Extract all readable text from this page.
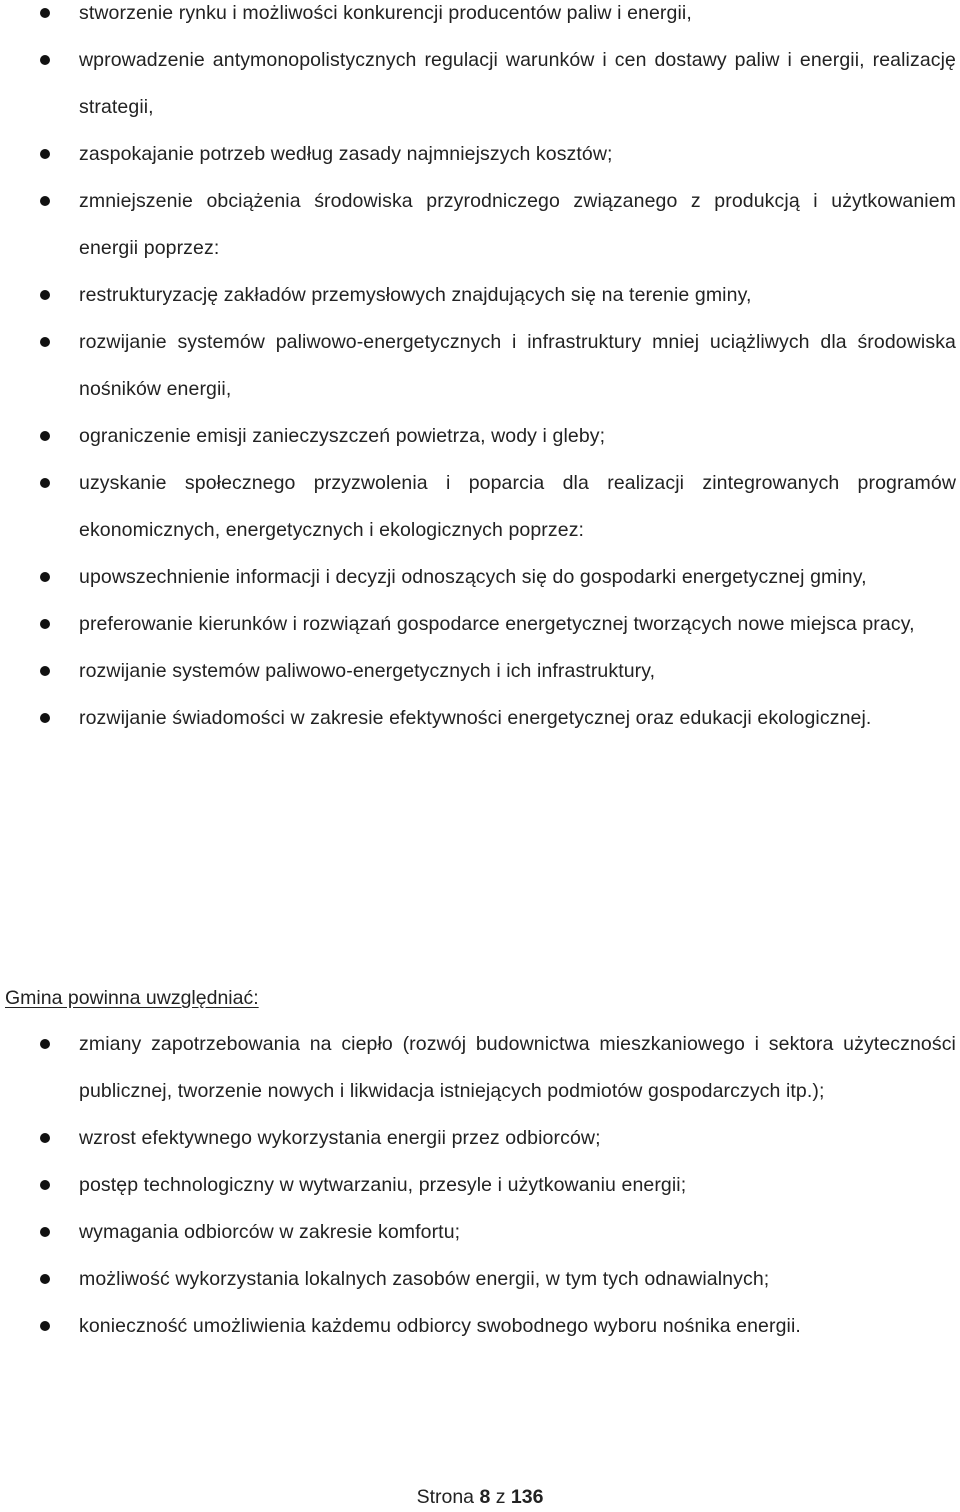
stworzenie rynku i możliwości konkurencji producentów paliw i energii,
wprowadzenie antymonopolistycznych regulacji warunków i cen dostawy paliw i energii, realizację strategii,
zaspokajanie potrzeb według zasady najmniejszych kosztów;
zmniejszenie obciążenia środowiska przyrodniczego związanego z produkcją i użytkowaniem energii poprzez:
restrukturyzację zakładów przemysłowych znajdujących się na terenie gminy,
rozwijanie systemów paliwowo-energetycznych i infrastruktury mniej uciążliwych dla środowiska nośników energii,
ograniczenie emisji zanieczyszczeń powietrza, wody i gleby;
uzyskanie społecznego przyzwolenia i poparcia dla realizacji zintegrowanych programów ekonomicznych, energetycznych i ekologicznych poprzez:
upowszechnienie informacji i decyzji odnoszących się do gospodarki energetycznej gminy,
preferowanie kierunków i rozwiązań gospodarce energetycznej tworzących nowe miejsca pracy,
rozwijanie systemów paliwowo-energetycznych i ich infrastruktury,
rozwijanie świadomości w zakresie efektywności energetycznej oraz edukacji ekologicznej.
Gmina powinna uwzględniać:
zmiany zapotrzebowania na ciepło (rozwój budownictwa mieszkaniowego i sektora użyteczności publicznej, tworzenie nowych i likwidacja istniejących podmiotów gospodarczych itp.);
wzrost efektywnego wykorzystania energii przez odbiorców;
postęp technologiczny w wytwarzaniu, przesyle i użytkowaniu energii;
wymagania odbiorców w zakresie komfortu;
możliwość wykorzystania lokalnych zasobów energii, w tym tych odnawialnych;
konieczność umożliwienia każdemu odbiorcy swobodnego wyboru nośnika energii.
Strona 8 z 136
